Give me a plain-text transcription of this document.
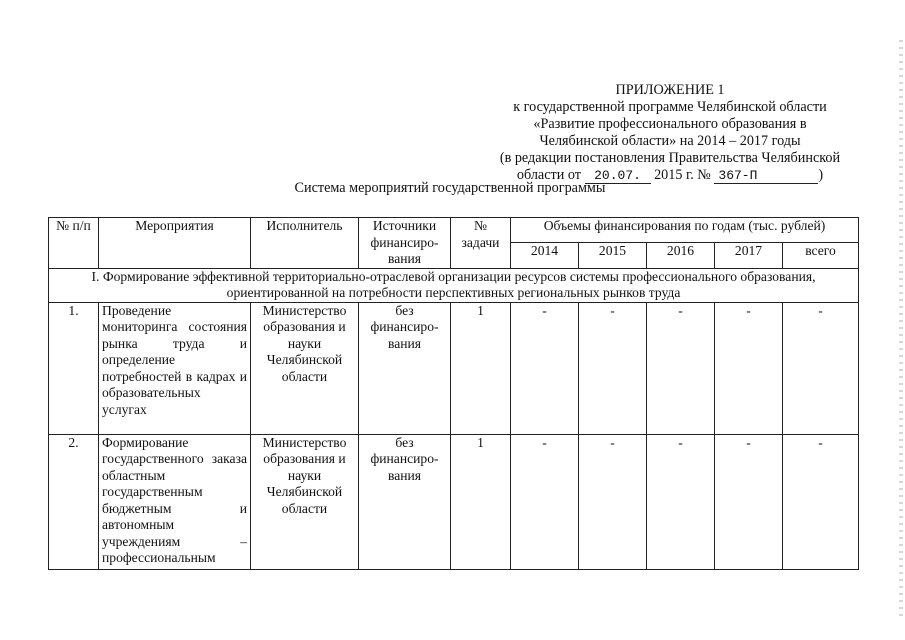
ПРИЛОЖЕНИЕ 1
к государственной программе Челябинской области
«Развитие профессионального образования в
Челябинской области» на 2014 – 2017 годы
(в редакции постановления Правительства Челябинской
области от 20.07. 2015 г. № 367-П	)
Система мероприятий государственной программы
№ п/п	Мероприятия	Исполнитель	Источники финансиро-вания	№ задачи	Объемы финансирования по годам (тыс. рублей)				
					2014	2015	2016	2017	всего
I. Формирование эффективной территориально-отраслевой организации ресурсов системы профессионального образования, ориентированной на потребности перспективных региональных рынков труда									
1.	Проведение мониторинга состояния рынка труда и определение потребностей в кадрах и образовательных услугах	Министерство образования и науки Челябинской области	без финансиро-вания	1	-	-	-	-	-
2.	Формирование государственного заказа областным государственным бюджетным и автономным учреждениям – профессиональным	Министерство образования и науки Челябинской области	без финансиро-вания	1	-	-	-	-	-
